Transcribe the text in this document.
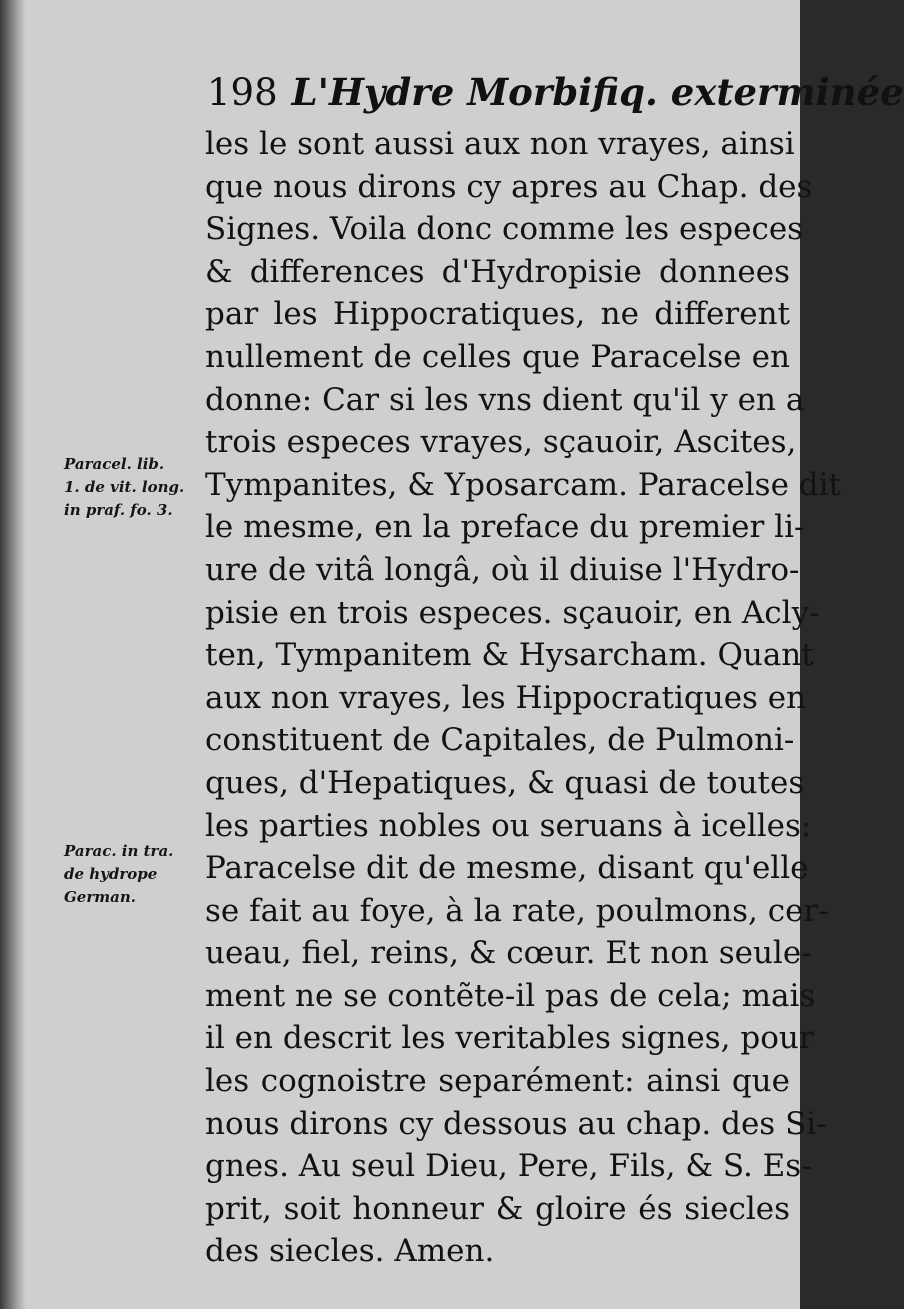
198 L'Hydre Morbifiq. exterminée
les le sont aussi aux non vrayes, ainsi
que nous dirons cy apres au Chap. des
Signes. Voila donc comme les especes
& differences d'Hydropisie donnees
par les Hippocratiques, ne different
nullement de celles que Paracelse en
donne: Car si les vns dient qu'il y en a
trois especes vrayes, sçauoir, Ascites,
Tympanites, & Yposarcam. Paracelse dit
le mesme, en la preface du premier li-
ure de vitâ longâ, où il diuise l'Hydro-
pisie en trois especes. sçauoir, en Acly-
ten, Tympanitem & Hysarcham. Quant
aux non vrayes, les Hippocratiques en
constituent de Capitales, de Pulmoni-
ques, d'Hepatiques, & quasi de toutes
les parties nobles ou seruans à icelles:
Paracelse dit de mesme, disant qu'elle
se fait au foye, à la rate, poulmons, cer-
ueau, fiel, reins, & cœur. Et non seule-
ment ne se contẽte-il pas de cela; mais
il en descrit les veritables signes, pour
les cognoistre separément: ainsi que
nous dirons cy dessous au chap. des Si-
gnes. Au seul Dieu, Pere, Fils, & S. Es-
prit, soit honneur & gloire és siecles
des siecles. Amen.
Paracel. lib.
1. de vit. long.
in praf. fo. 3.
Parac. in tra.
de hydrope
German.
